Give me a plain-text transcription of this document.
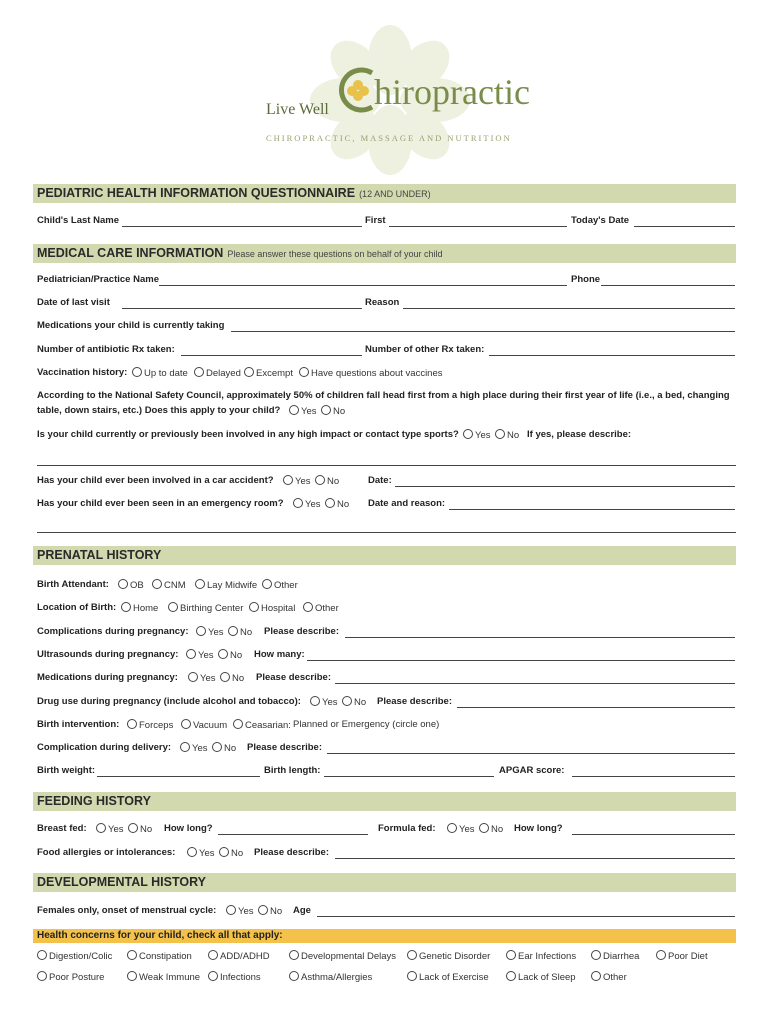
Live Well hiropractic
CHIROPRACTIC, MASSAGE AND NUTRITION
PEDIATRIC HEALTH INFORMATION QUESTIONNAIRE (12 AND UNDER)
Child's Last Name	First	Today's Date
MEDICAL CARE INFORMATION Please answer these questions on behalf of your child
Pediatrician/Practice Name	Phone
Date of last visit	Reason
Medications your child is currently taking
Number of antibiotic Rx taken:	Number of other Rx taken:
Vaccination history:	Up to date	Delayed	Excempt	Have questions about vaccines
According to the National Safety Council, approximately 50% of children fall head first from a high place during their first year of life (i.e., a bed, changing
table, down stairs, etc.) Does this apply to your child?	Yes	No
Is your child currently or previously been involved in any high impact or contact type sports?	Yes	No If yes, please describe:
Has your child ever been involved in a car accident?	Yes	No	Date:
Has your child ever been seen in an emergency room?	Yes	No Date and reason:
PRENATAL HISTORY
Birth Attendant:	OB	CNM	Lay Midwife	Other
Location of Birth:	Home	Birthing Center	Hospital	Other
Complications during pregnancy:	Yes	No Please describe:
Ultrasounds during pregnancy:	Yes	No How many:
Medications during pregnancy:	Yes	No Please describe:
Drug use during pregnancy (include alcohol and tobacco):	Yes	No Please describe:
Birth intervention:	Forceps	Vacuum	Ceasarian: Planned or Emergency (circle one)
Complication during delivery:	Yes	No Please describe:
Birth weight:	Birth length:	APGAR score:
FEEDING HISTORY
Breast fed:	Yes	No How long?	Formula fed:	Yes	No How long?
Food allergies or intolerances:	Yes	No Please describe:
DEVELOPMENTAL HISTORY
Females only, onset of menstrual cycle:	Yes	No Age
Health concerns for your child, check all that apply:
Digestion/Colic	Constipation	ADD/ADHD	Developmental Delays	Genetic Disorder	Ear Infections	Diarrhea	Poor Diet
Poor Posture	Weak Immune	Infections	Asthma/Allergies	Lack of Exercise	Lack of Sleep	Other
